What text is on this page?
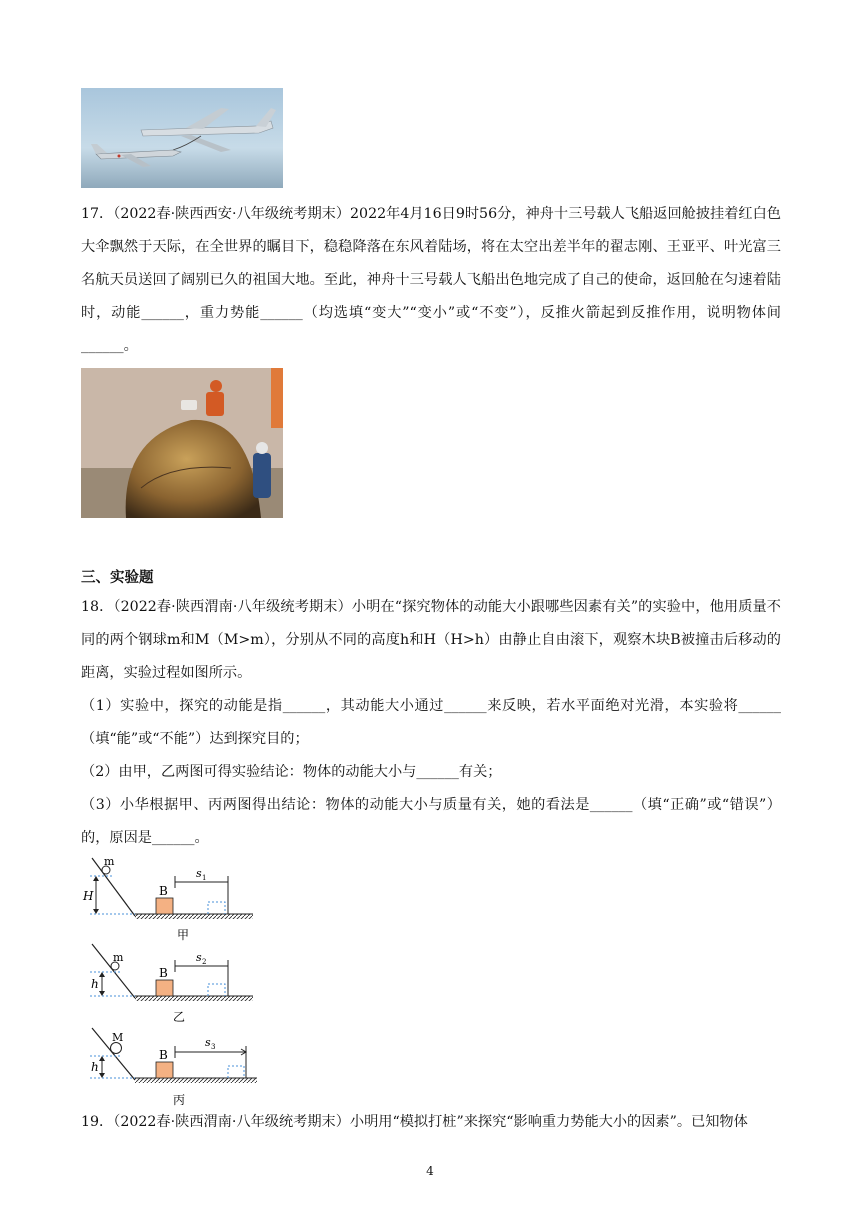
17．（2022春·陕西西安·八年级统考期末）2022年4月16日9时56分，神舟十三号载人飞船返回舱披挂着红白色大伞飘然于天际，在全世界的瞩目下，稳稳降落在东风着陆场，将在太空出差半年的翟志刚、王亚平、叶光富三名航天员送回了阔别已久的祖国大地。至此，神舟十三号载人飞船出色地完成了自己的使命，返回舱在匀速着陆时，动能______，重力势能______（均选填“变大”“变小”或“不变”），反推火箭起到反推作用，说明物体间______。

三、实验题

18．（2022春·陕西渭南·八年级统考期末）小明在“探究物体的动能大小跟哪些因素有关”的实验中，他用质量不同的两个钢球m和M（M>m），分别从不同的高度h和H（H>h）由静止自由滚下，观察木块B被撞击后移动的距离，实验过程如图所示。

（1）实验中，探究的动能是指______，其动能大小通过______来反映，若水平面绝对光滑，本实验将______（填“能”或“不能”）达到探究目的；

（2）由甲，乙两图可得实验结论：物体的动能大小与______有关；

（3）小华根据甲、丙两图得出结论：物体的动能大小与质量有关，她的看法是______（填“正确”或“错误”）的，原因是______。

m
H	B
s 1
甲
m
h
B
s 2
乙
M
h
B
s 3
丙

19．（2022春·陕西渭南·八年级统考期末）小明用“模拟打桩”来探究“影响重力势能大小的因素”。已知物体

4
